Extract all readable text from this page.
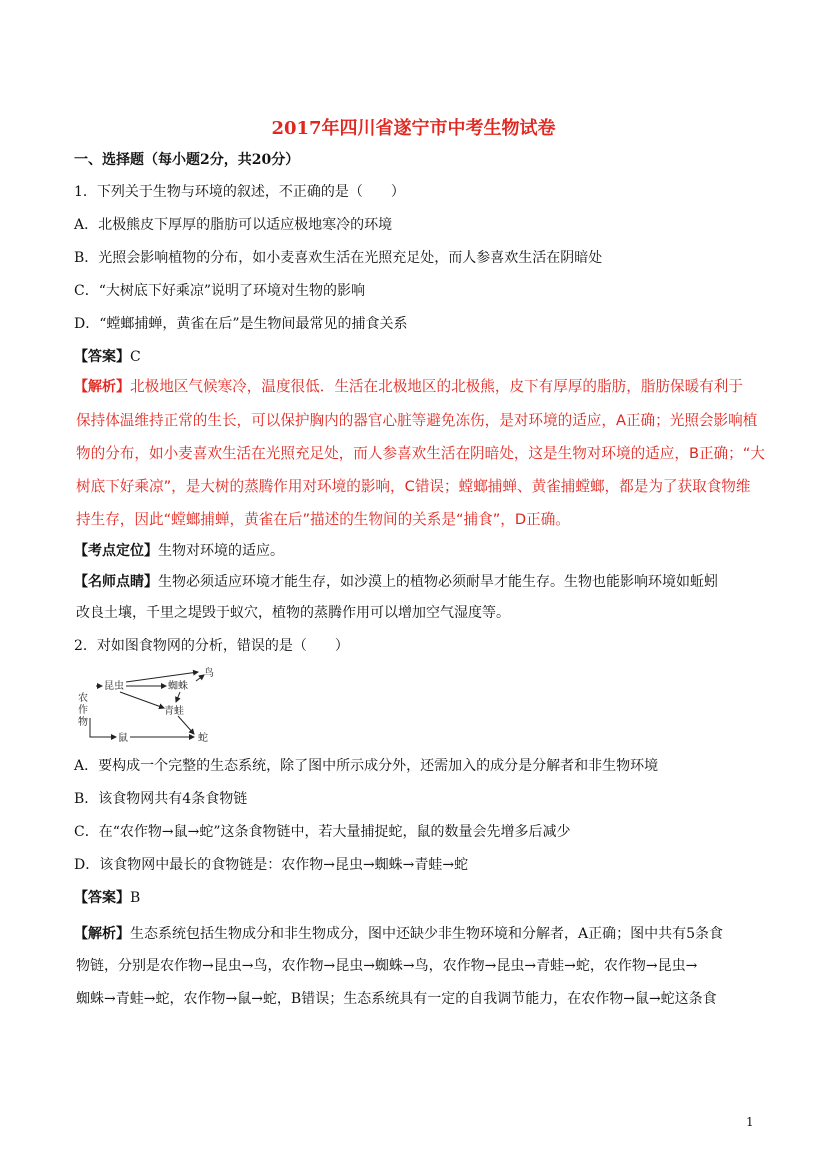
2017年四川省遂宁市中考生物试卷
一、选择题（每小题2分，共20分）
1．下列关于生物与环境的叙述，不正确的是（　　）
A．北极熊皮下厚厚的脂肪可以适应极地寒冷的环境
B．光照会影响植物的分布，如小麦喜欢生活在光照充足处，而人参喜欢生活在阴暗处
C．“大树底下好乘凉”说明了环境对生物的影响
D．“螳螂捕蝉，黄雀在后”是生物间最常见的捕食关系
【答案】C
【解析】北极地区气候寒冷，温度很低．生活在北极地区的北极熊，皮下有厚厚的脂肪，脂肪保暖有利于
保持体温维持正常的生长，可以保护胸内的器官心脏等避免冻伤，是对环境的适应，A正确；光照会影响植
物的分布，如小麦喜欢生活在光照充足处，而人参喜欢生活在阴暗处，这是生物对环境的适应，B正确；“大
树底下好乘凉”，是大树的蒸腾作用对环境的影响，C错误；螳螂捕蝉、黄雀捕螳螂，都是为了获取食物维
持生存，因此“螳螂捕蝉，黄雀在后”描述的生物间的关系是“捕食”，D正确。
【考点定位】生物对环境的适应。
【名师点睛】生物必须适应环境才能生存，如沙漠上的植物必须耐旱才能生存。生物也能影响环境如蚯蚓
改良土壤，千里之堤毁于蚁穴，植物的蒸腾作用可以增加空气湿度等。
2．对如图食物网的分析，错误的是（　　）
农
作
物
昆虫
鸟
蜘蛛
青蛙
鼠	蛇
A．要构成一个完整的生态系统，除了图中所示成分外，还需加入的成分是分解者和非生物环境
B．该食物网共有4条食物链
C．在“农作物→鼠→蛇”这条食物链中，若大量捕捉蛇，鼠的数量会先增多后减少
D．该食物网中最长的食物链是：农作物→昆虫→蜘蛛→青蛙→蛇
【答案】B
【解析】生态系统包括生物成分和非生物成分，图中还缺少非生物环境和分解者，A正确；图中共有5条食
物链，分别是农作物→昆虫→鸟，农作物→昆虫→蜘蛛→鸟，农作物→昆虫→青蛙→蛇，农作物→昆虫→
蜘蛛→青蛙→蛇，农作物→鼠→蛇，B错误；生态系统具有一定的自我调节能力，在农作物→鼠→蛇这条食
1
